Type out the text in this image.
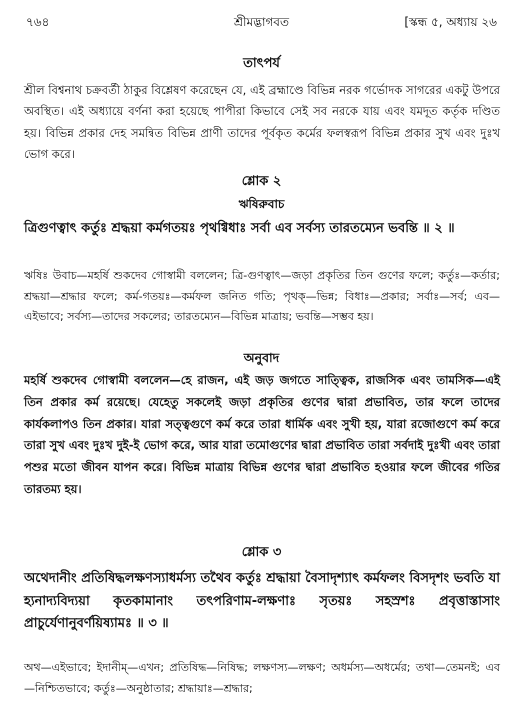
৭৬৪	শ্রীমদ্ভাগবত	[স্কন্ধ ৫, অধ্যায় ২৬
তাৎপর্য

শ্রীল বিশ্বনাথ চক্রবর্তী ঠাকুর বিশ্লেষণ করেছেন যে, এই ব্রহ্মাণ্ডে বিভিন্ন নরক গর্ভোদক সাগরের একটু উপরে অবস্থিত। এই অধ্যায়ে বর্ণনা করা হয়েছে পাপীরা কিভাবে সেই সব নরকে যায় এবং যমদূত কর্তৃক দণ্ডিত হয়। বিভিন্ন প্রকার দেহ সমন্বিত বিভিন্ন প্রাণী তাদের পূর্বকৃত কর্মের ফলস্বরূপ বিভিন্ন প্রকার সুখ এবং দুঃখ ভোগ করে।

শ্লোক ২
ঋষিরুবাচ

ত্রিগুণত্বাৎ কর্তুঃ শ্রদ্ধয়া কর্মগতয়ঃ পৃথগ্বিধাঃ সর্বা এব সর্বস্য তারতম্যেন ভবন্তি ॥ ২ ॥

ঋষিঃ উবাচ—মহর্ষি শুকদেব গোস্বামী বললেন; ত্রি-গুণত্বাৎ—জড়া প্রকৃতির তিন গুণের ফলে; কর্তুঃ—কর্তার; শ্রদ্ধয়া—শ্রদ্ধার ফলে; কর্ম-গতয়ঃ—কর্মফল জনিত গতি; পৃথক্—ভিন্ন; বিধাঃ—প্রকার; সর্বাঃ—সর্ব; এব—এইভাবে; সর্বস্য—তাদের সকলের; তারতম্যেন—বিভিন্ন মাত্রায়; ভবন্তি—সম্ভব হয়।

অনুবাদ

মহর্ষি শুকদেব গোস্বামী বললেন—হে রাজন, এই জড় জগতে সাত্ত্বিক, রাজসিক এবং তামসিক—এই তিন প্রকার কর্ম রয়েছে। যেহেতু সকলেই জড়া প্রকৃতির গুণের দ্বারা প্রভাবিত, তার ফলে তাদের কার্যকলাপও তিন প্রকার। যারা সত্ত্বগুণে কর্ম করে তারা ধার্মিক এবং সুখী হয়, যারা রজোগুণে কর্ম করে তারা সুখ এবং দুঃখ দুই-ই ভোগ করে, আর যারা তমোগুণের দ্বারা প্রভাবিত তারা সর্বদাই দুঃখী এবং তারা পশুর মতো জীবন যাপন করে। বিভিন্ন মাত্রায় বিভিন্ন গুণের দ্বারা প্রভাবিত হওয়ার ফলে জীবের গতির তারতম্য হয়।

শ্লোক ৩

অথেদানীং প্রতিষিদ্ধলক্ষণস্যাধর্মস্য তথৈব কর্তুঃ শ্রদ্ধায়া বৈসাদৃশ্যাৎ কর্মফলং বিসদৃশং ভবতি যা হ্যনাদ্যবিদ্যয়া কৃতকামানাং তৎপরিণাম-লক্ষণাঃ সৃতয়ঃ সহস্রশঃ প্রবৃত্তাস্তাসাং প্রাচুর্যেণানুবর্ণয়িষ্যামঃ ॥ ৩ ॥

অথ—এইভাবে; ইদানীম্—এখন; প্রতিষিদ্ধ—নিষিদ্ধ; লক্ষণস্য—লক্ষণ; অধর্মস্য—অধর্মের; তথা—তেমনই; এব—নিশ্চিতভাবে; কর্তুঃ—অনুষ্ঠাতার; শ্রদ্ধায়াঃ—শ্রদ্ধার;
